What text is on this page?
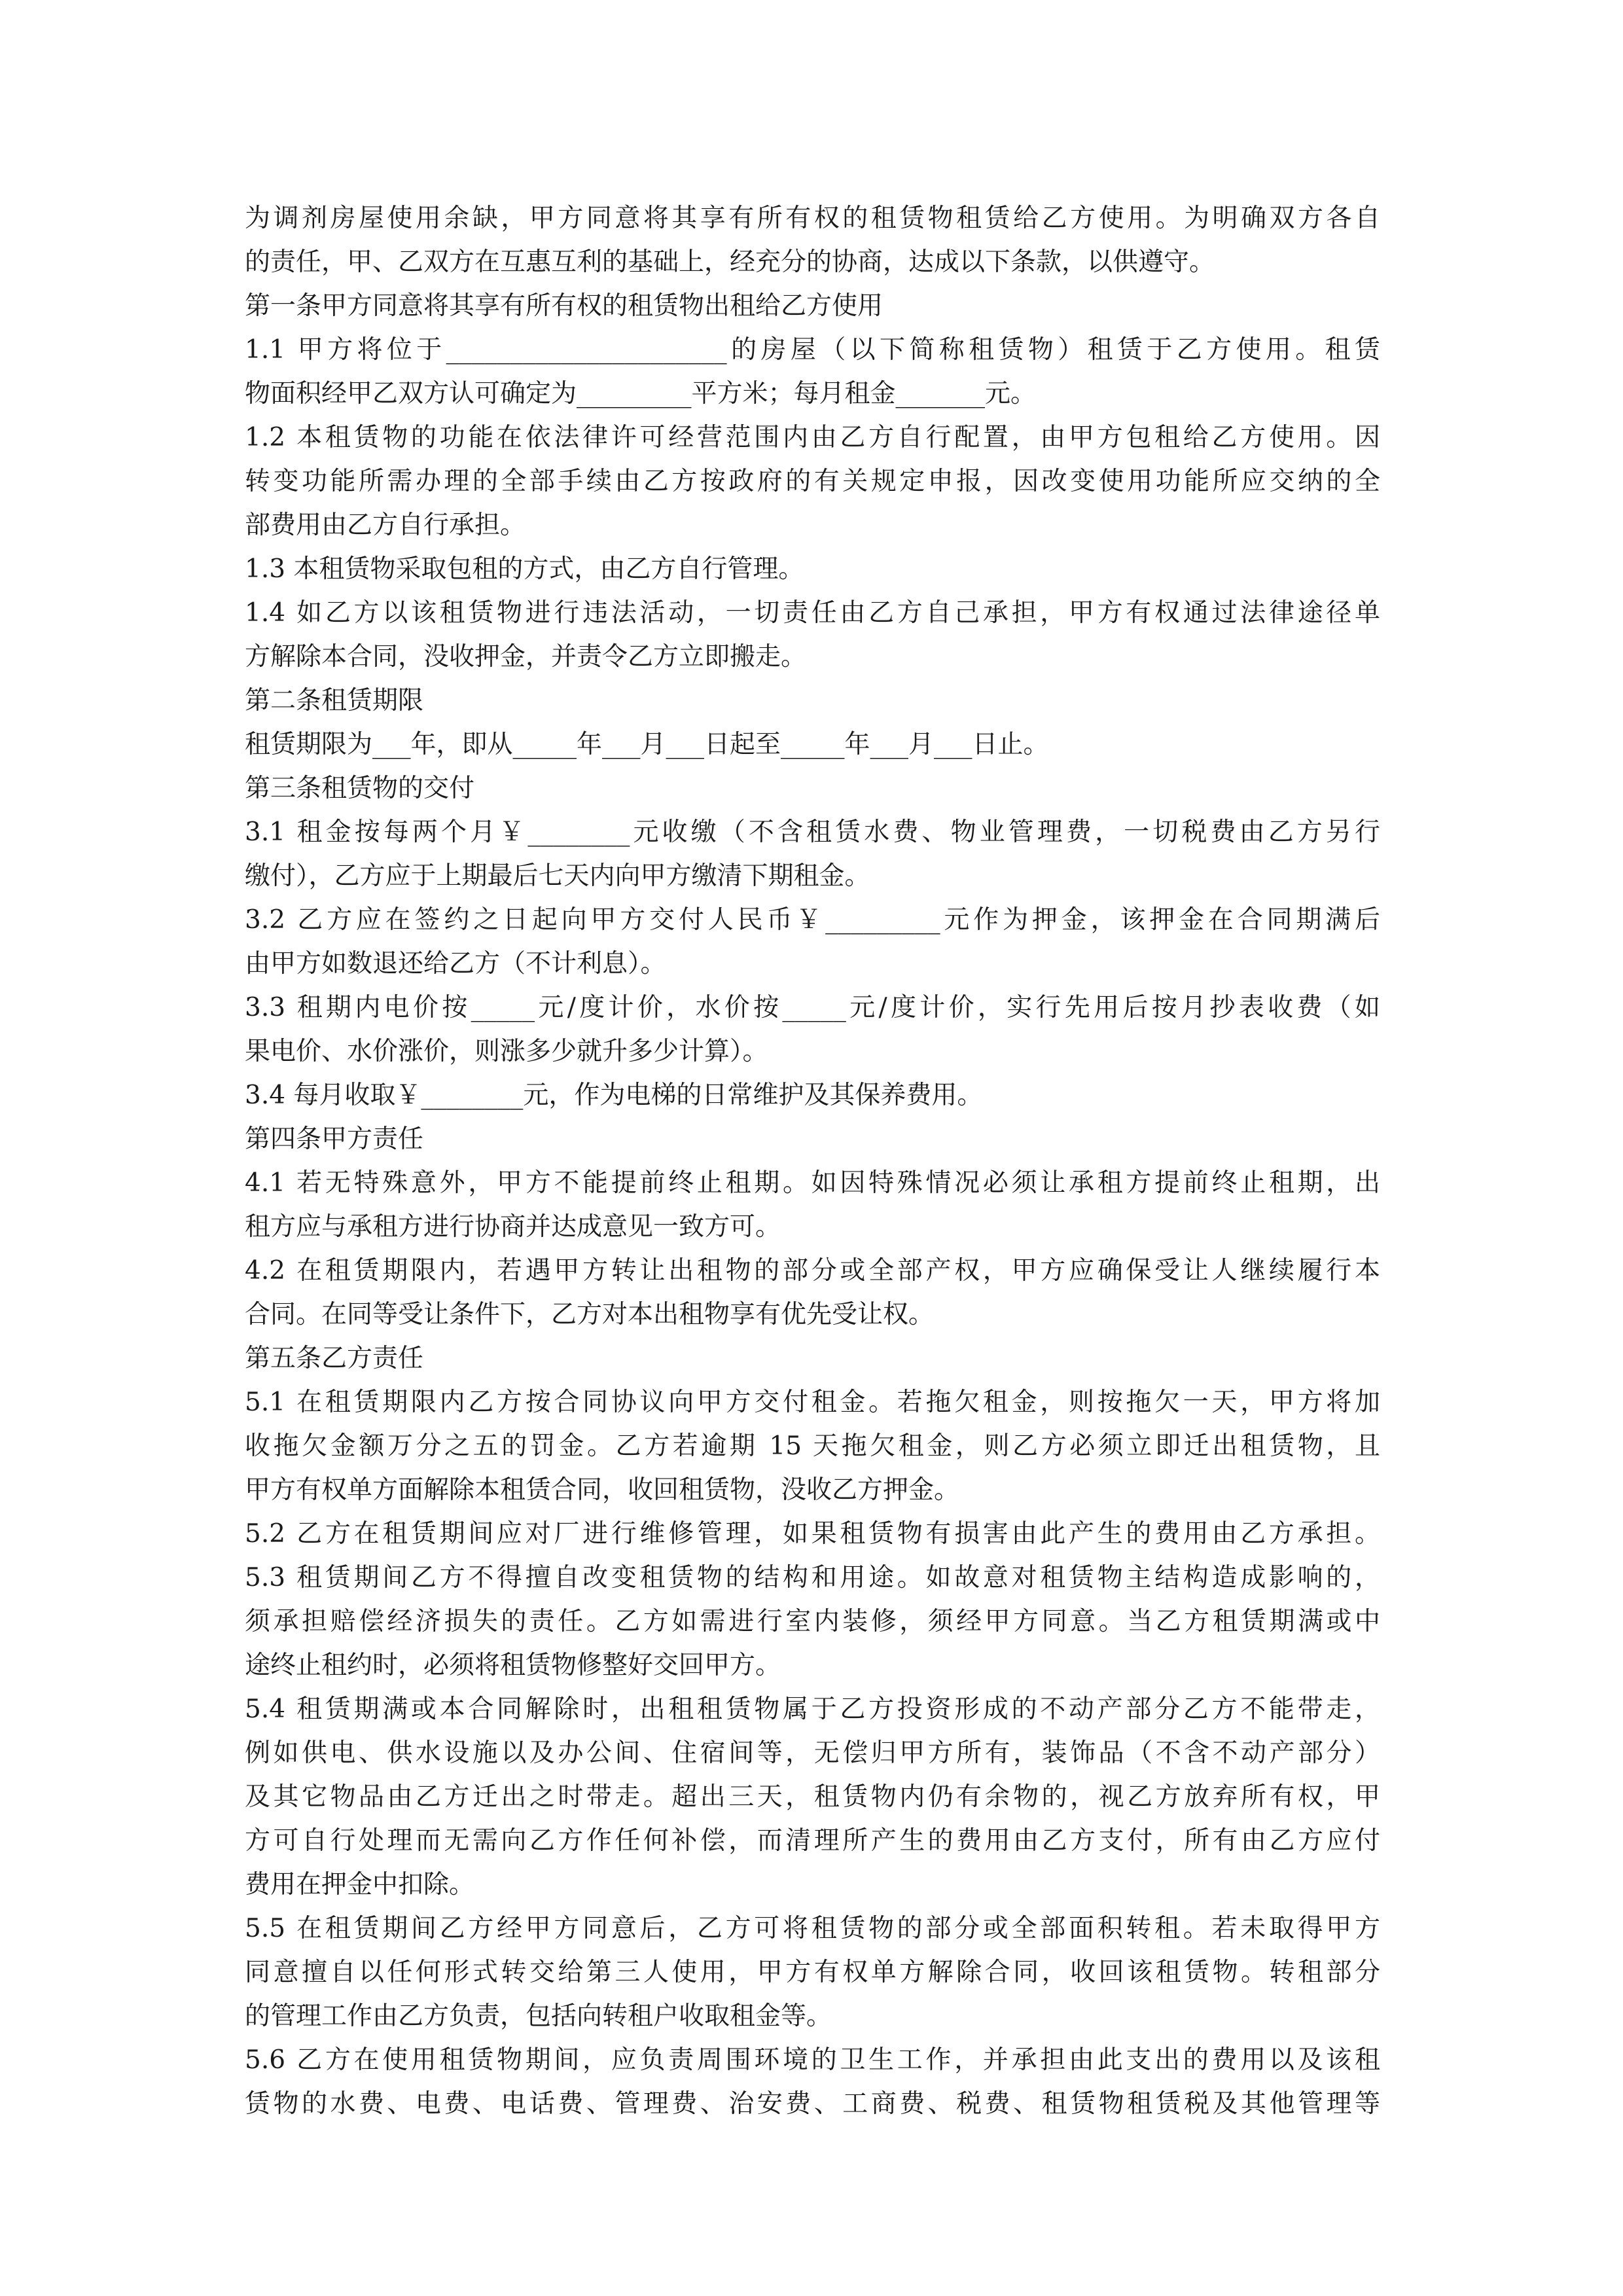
为调剂房屋使用余缺，甲方同意将其享有所有权的租赁物租赁给乙方使用。为明确双方各自
的责任，甲、乙双方在互惠互利的基础上，经充分的协商，达成以下条款，以供遵守。
第一条甲方同意将其享有所有权的租赁物出租给乙方使用
1.1 甲方将位于______________________的房屋（以下简称租赁物）租赁于乙方使用。租赁
物面积经甲乙双方认可确定为_________平方米；每月租金_______元。
1.2 本租赁物的功能在依法律许可经营范围内由乙方自行配置，由甲方包租给乙方使用。因
转变功能所需办理的全部手续由乙方按政府的有关规定申报，因改变使用功能所应交纳的全
部费用由乙方自行承担。
1.3 本租赁物采取包租的方式，由乙方自行管理。
1.4 如乙方以该租赁物进行违法活动，一切责任由乙方自己承担，甲方有权通过法律途径单
方解除本合同，没收押金，并责令乙方立即搬走。
第二条租赁期限
租赁期限为___年，即从_____年___月___日起至_____年___月___日止。
第三条租赁物的交付
3.1 租金按每两个月￥________元收缴（不含租赁水费、物业管理费，一切税费由乙方另行
缴付），乙方应于上期最后七天内向甲方缴清下期租金。
3.2 乙方应在签约之日起向甲方交付人民币￥_________元作为押金，该押金在合同期满后
由甲方如数退还给乙方（不计利息）。
3.3 租期内电价按_____元/度计价，水价按_____元/度计价，实行先用后按月抄表收费（如
果电价、水价涨价，则涨多少就升多少计算）。
3.4 每月收取￥________元，作为电梯的日常维护及其保养费用。
第四条甲方责任
4.1 若无特殊意外，甲方不能提前终止租期。如因特殊情况必须让承租方提前终止租期，出
租方应与承租方进行协商并达成意见一致方可。
4.2 在租赁期限内，若遇甲方转让出租物的部分或全部产权，甲方应确保受让人继续履行本
合同。在同等受让条件下，乙方对本出租物享有优先受让权。
第五条乙方责任
5.1 在租赁期限内乙方按合同协议向甲方交付租金。若拖欠租金，则按拖欠一天，甲方将加
收拖欠金额万分之五的罚金。乙方若逾期 15 天拖欠租金，则乙方必须立即迁出租赁物，且
甲方有权单方面解除本租赁合同，收回租赁物，没收乙方押金。
5.2 乙方在租赁期间应对厂进行维修管理，如果租赁物有损害由此产生的费用由乙方承担。
5.3 租赁期间乙方不得擅自改变租赁物的结构和用途。如故意对租赁物主结构造成影响的，
须承担赔偿经济损失的责任。乙方如需进行室内装修，须经甲方同意。当乙方租赁期满或中
途终止租约时，必须将租赁物修整好交回甲方。
5.4 租赁期满或本合同解除时，出租租赁物属于乙方投资形成的不动产部分乙方不能带走，
例如供电、供水设施以及办公间、住宿间等，无偿归甲方所有，装饰品（不含不动产部分）
及其它物品由乙方迁出之时带走。超出三天，租赁物内仍有余物的，视乙方放弃所有权，甲
方可自行处理而无需向乙方作任何补偿，而清理所产生的费用由乙方支付，所有由乙方应付
费用在押金中扣除。
5.5 在租赁期间乙方经甲方同意后，乙方可将租赁物的部分或全部面积转租。若未取得甲方
同意擅自以任何形式转交给第三人使用，甲方有权单方解除合同，收回该租赁物。转租部分
的管理工作由乙方负责，包括向转租户收取租金等。
5.6 乙方在使用租赁物期间，应负责周围环境的卫生工作，并承担由此支出的费用以及该租
赁物的水费、电费、电话费、管理费、治安费、工商费、税费、租赁物租赁税及其他管理等
